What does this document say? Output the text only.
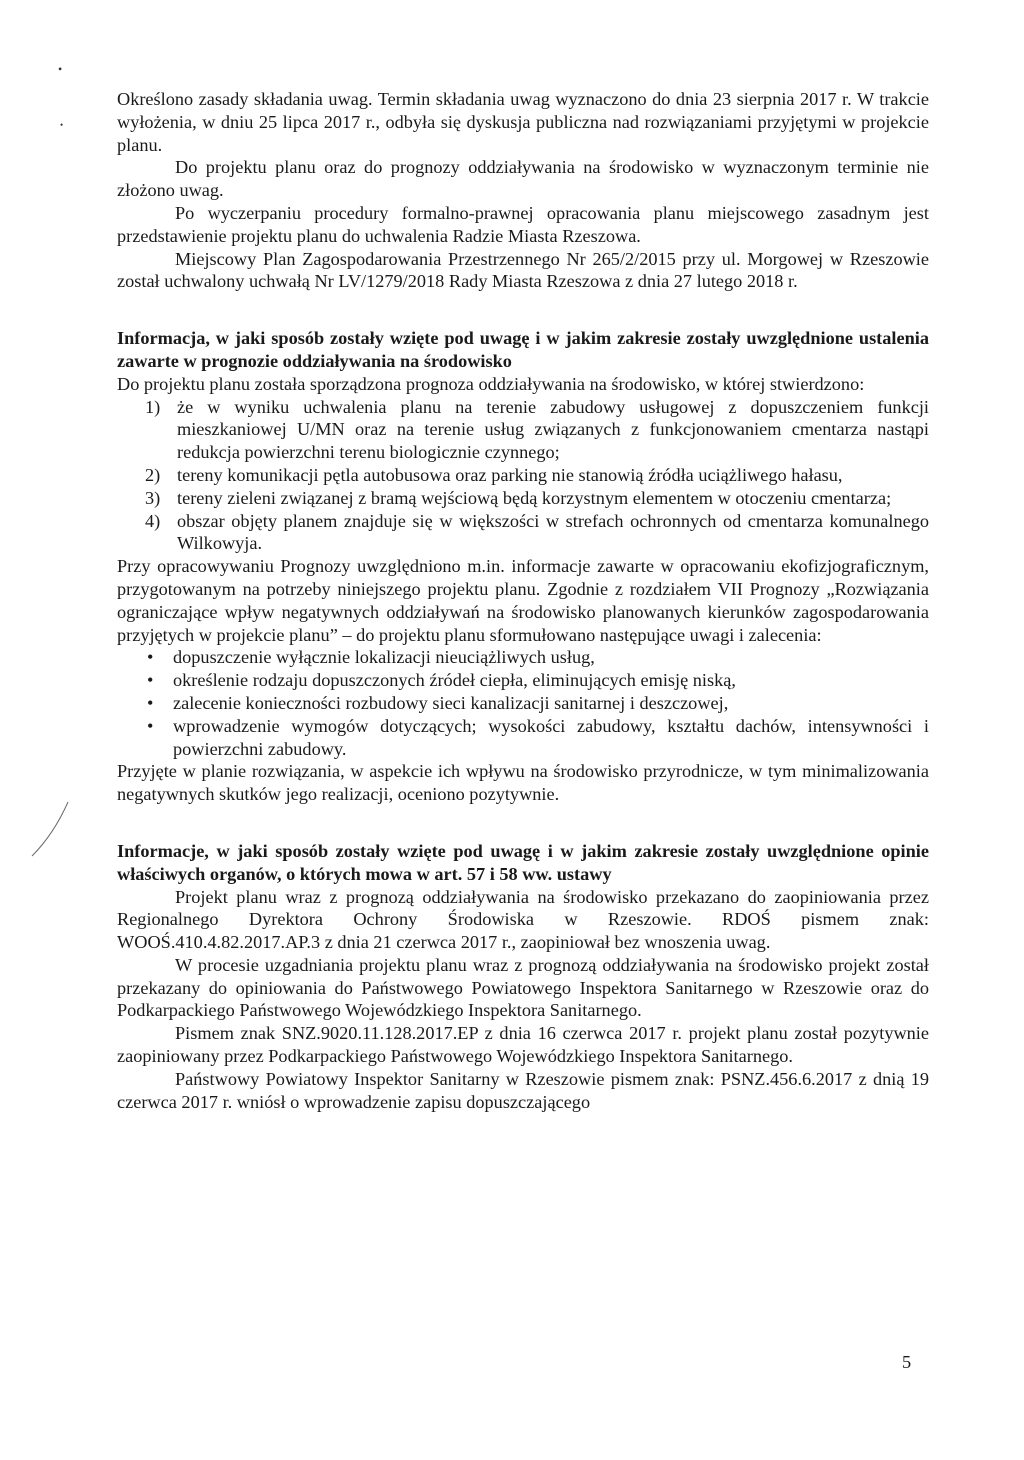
•
•

Określono zasady składania uwag. Termin składania uwag wyznaczono do dnia 23 sierpnia 2017 r. W trakcie wyłożenia, w dniu 25 lipca 2017 r., odbyła się dyskusja publiczna nad rozwiązaniami przyjętymi w projekcie planu.

Do projektu planu oraz do prognozy oddziaływania na środowisko w wyznaczonym terminie nie złożono uwag.

Po wyczerpaniu procedury formalno-prawnej opracowania planu miejscowego zasadnym jest przedstawienie projektu planu do uchwalenia Radzie Miasta Rzeszowa.

Miejscowy Plan Zagospodarowania Przestrzennego Nr 265/2/2015 przy ul. Morgowej w Rzeszowie został uchwalony uchwałą Nr LV/1279/2018 Rady Miasta Rzeszowa z dnia 27 lutego 2018 r.

Informacja, w jaki sposób zostały wzięte pod uwagę i w jakim zakresie zostały uwzględnione ustalenia zawarte w prognozie oddziaływania na środowisko

Do projektu planu została sporządzona prognoza oddziaływania na środowisko, w której stwierdzono:

1) że w wyniku uchwalenia planu na terenie zabudowy usługowej z dopuszczeniem funkcji mieszkaniowej U/MN oraz na terenie usług związanych z funkcjonowaniem cmentarza nastąpi redukcja powierzchni terenu biologicznie czynnego;
2) tereny komunikacji pętla autobusowa oraz parking nie stanowią źródła uciążliwego hałasu,
3) tereny zieleni związanej z bramą wejściową będą korzystnym elementem w otoczeniu cmentarza;
4) obszar objęty planem znajduje się w większości w strefach ochronnych od cmentarza komunalnego Wilkowyja.

Przy opracowywaniu Prognozy uwzględniono m.in. informacje zawarte w opracowaniu ekofizjograficznym, przygotowanym na potrzeby niniejszego projektu planu. Zgodnie z rozdziałem VII Prognozy „Rozwiązania ograniczające wpływ negatywnych oddziaływań na środowisko planowanych kierunków zagospodarowania przyjętych w projekcie planu” – do projektu planu sformułowano następujące uwagi i zalecenia:

• dopuszczenie wyłącznie lokalizacji nieuciążliwych usług,
• określenie rodzaju dopuszczonych źródeł ciepła, eliminujących emisję niską,
• zalecenie konieczności rozbudowy sieci kanalizacji sanitarnej i deszczowej,
• wprowadzenie wymogów dotyczących; wysokości zabudowy, kształtu dachów, intensywności i powierzchni zabudowy.

Przyjęte w planie rozwiązania, w aspekcie ich wpływu na środowisko przyrodnicze, w tym minimalizowania negatywnych skutków jego realizacji, oceniono pozytywnie.

Informacje, w jaki sposób zostały wzięte pod uwagę i w jakim zakresie zostały uwzględnione opinie właściwych organów, o których mowa w art. 57 i 58 ww. ustawy

Projekt planu wraz z prognozą oddziaływania na środowisko przekazano do zaopiniowania przez Regionalnego Dyrektora Ochrony Środowiska w Rzeszowie. RDOŚ pismem znak: WOOŚ.410.4.82.2017.AP.3 z dnia 21 czerwca 2017 r., zaopiniował bez wnoszenia uwag.

W procesie uzgadniania projektu planu wraz z prognozą oddziaływania na środowisko projekt został przekazany do opiniowania do Państwowego Powiatowego Inspektora Sanitarnego w Rzeszowie oraz do Podkarpackiego Państwowego Wojewódzkiego Inspektora Sanitarnego.

Pismem znak SNZ.9020.11.128.2017.EP z dnia 16 czerwca 2017 r. projekt planu został pozytywnie zaopiniowany przez Podkarpackiego Państwowego Wojewódzkiego Inspektora Sanitarnego.

Państwowy Powiatowy Inspektor Sanitarny w Rzeszowie pismem znak: PSNZ.456.6.2017 z dnią 19 czerwca 2017 r. wniósł o wprowadzenie zapisu dopuszczającego

5
